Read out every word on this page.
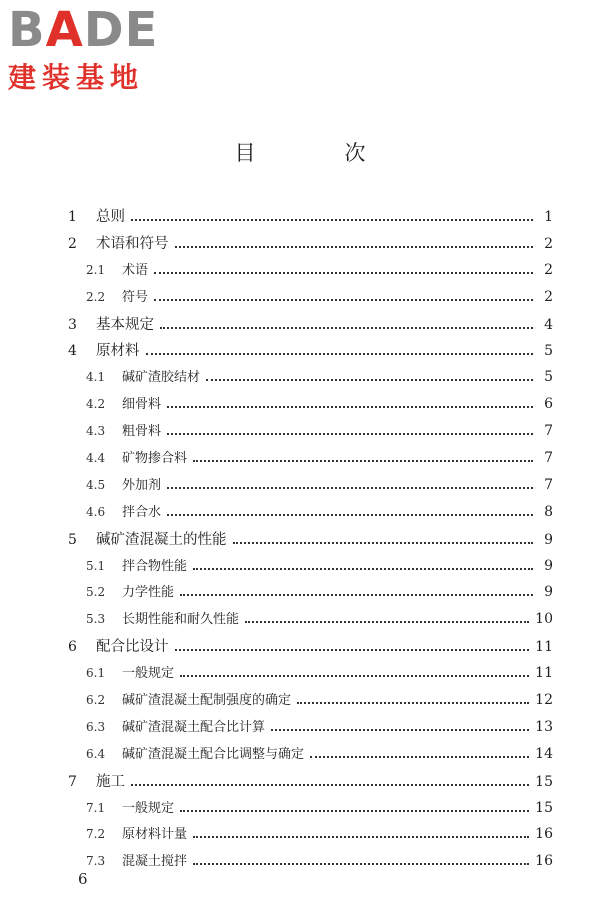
BADE
建装基地
目　次
1	总则	1
2	术语和符号	2
2.1	术语	2
2.2	符号	2
3	基本规定	4
4	原材料	5
4.1	碱矿渣胶结材	5
4.2	细骨料	6
4.3	粗骨料	7
4.4	矿物掺合料	7
4.5	外加剂	7
4.6	拌合水	8
5	碱矿渣混凝土的性能	9
5.1	拌合物性能	9
5.2	力学性能	9
5.3	长期性能和耐久性能	10
6	配合比设计	11
6.1	一般规定	11
6.2	碱矿渣混凝土配制强度的确定	12
6.3	碱矿渣混凝土配合比计算	13
6.4	碱矿渣混凝土配合比调整与确定	14
7	施工	15
7.1	一般规定	15
7.2	原材料计量	16
7.3	混凝土搅拌	16
6
